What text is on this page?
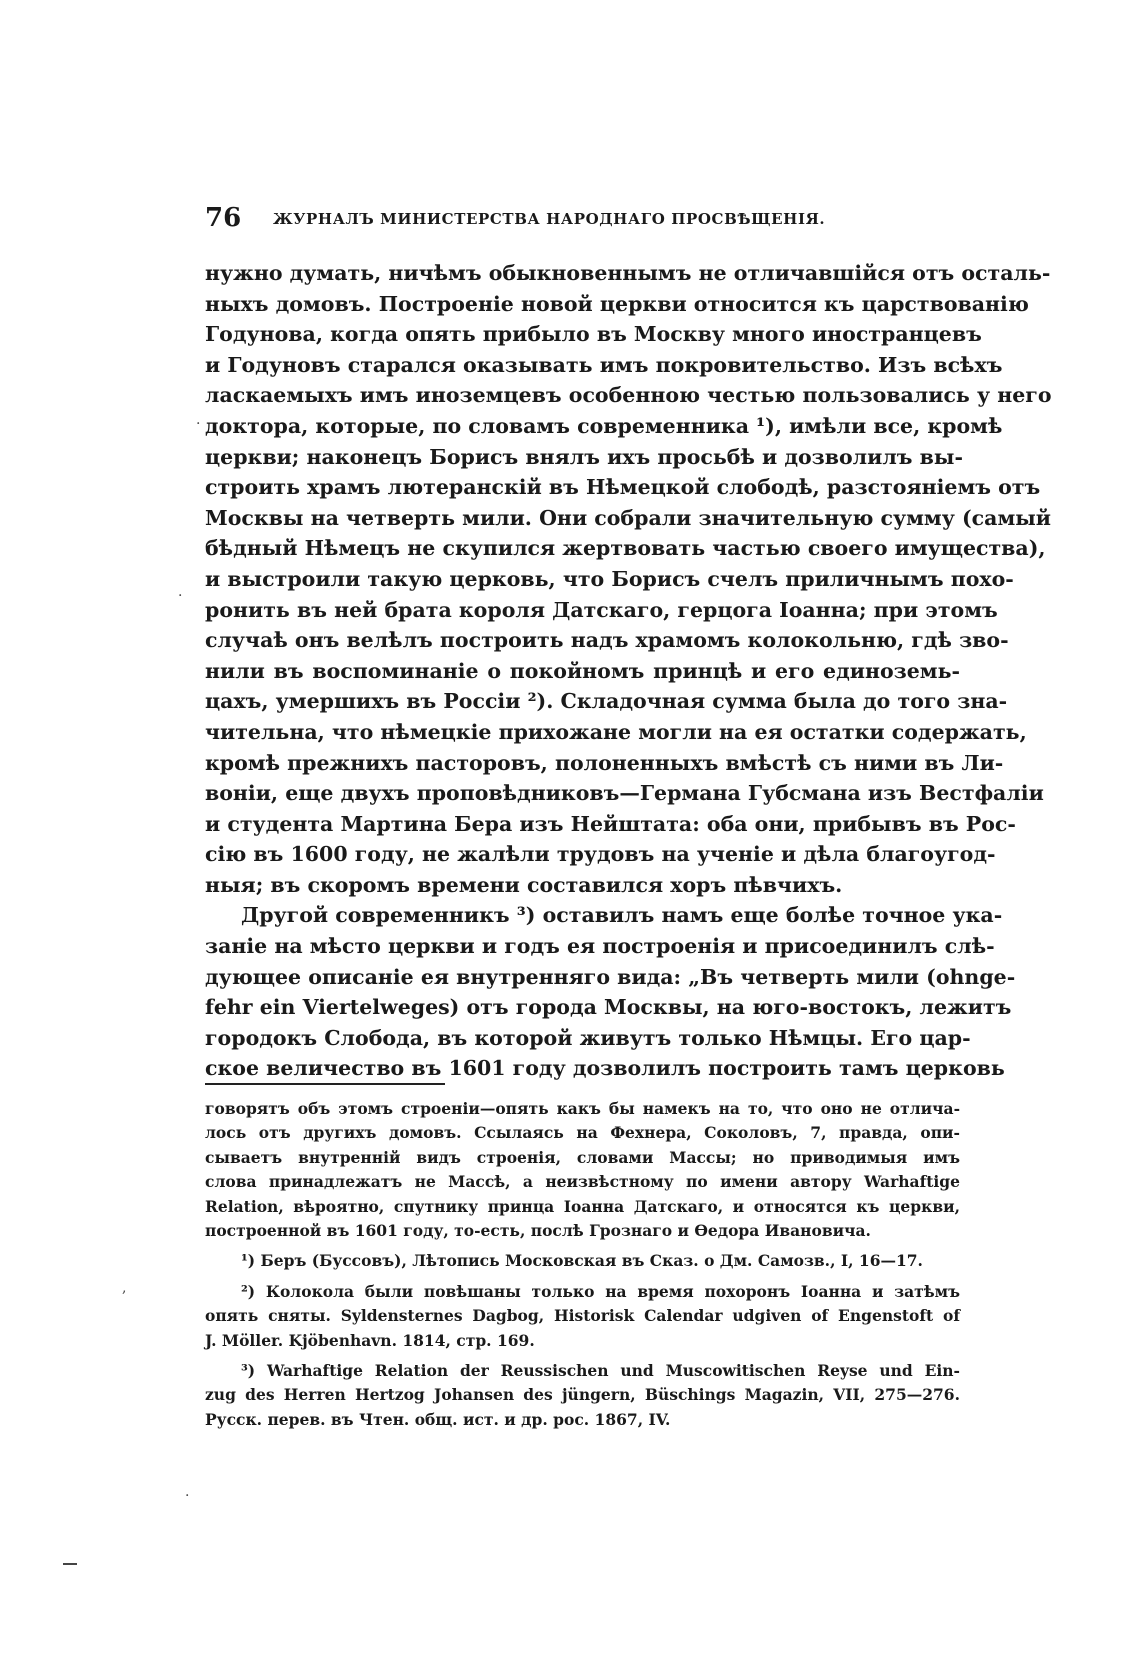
76 ЖУРНАЛЪ МИНИСТЕРСТВА НАРОДНАГО ПРОСВѢЩЕНІЯ.
нужно думать, ничѣмъ обыкновеннымъ не отличавшійся отъ осталь-
ныхъ домовъ. Построеніе новой церкви относится къ царствованію
Годунова, когда опять прибыло въ Москву много иностранцевъ
и Годуновъ старался оказывать имъ покровительство. Изъ всѣхъ
ласкаемыхъ имъ иноземцевъ особенною честью пользовались у него
доктора, которые, по словамъ современника ¹), имѣли все, кромѣ
церкви; наконецъ Борисъ внялъ ихъ просьбѣ и дозволилъ вы-
строить храмъ лютеранскій въ Нѣмецкой слободѣ, разстояніемъ отъ
Москвы на четверть мили. Они собрали значительную сумму (самый
бѣдный Нѣмецъ не скупился жертвовать частью своего имущества),
и выстроили такую церковь, что Борисъ счелъ приличнымъ похо-
ронить въ ней брата короля Датскаго, герцога Іоанна; при этомъ
случаѣ онъ велѣлъ построить надъ храмомъ колокольню, гдѣ зво-
нили въ воспоминаніе о покойномъ принцѣ и его единоземь-
цахъ, умершихъ въ Россіи ²). Складочная сумма была до того зна-
чительна, что нѣмецкіе прихожане могли на ея остатки содержать,
кромѣ прежнихъ пасторовъ, полоненныхъ вмѣстѣ съ ними въ Ли-
воніи, еще двухъ проповѣдниковъ—Германа Губсмана изъ Вестфаліи
и студента Мартина Бера изъ Нейштата: оба они, прибывъ въ Рос-
сію въ 1600 году, не жалѣли трудовъ на ученіе и дѣла благоугод-
ныя; въ скоромъ времени составился хоръ пѣвчихъ.
Другой современникъ ³) оставилъ намъ еще болѣе точное ука-
заніе на мѣсто церкви и годъ ея построенія и присоединилъ слѣ-
дующее описаніе ея внутренняго вида: „Въ четверть мили (ohnge-
fehr ein Viertelweges) отъ города Москвы, на юго-востокъ, лежитъ
городокъ Слобода, въ которой живутъ только Нѣмцы. Его цар-
ское величество въ 1601 году дозволилъ построить тамъ церковь
говорятъ объ этомъ строеніи—опять какъ бы намекъ на то, что оно не отлича-
лось отъ другихъ домовъ. Ссылаясь на Фехнера, Соколовъ, 7, правда, опи-
сываетъ внутренній видъ строенія, словами Массы; но приводимыя имъ
слова принадлежатъ не Массѣ, а неизвѣстному по имени автору Warhaftige
Relation, вѣроятно, спутнику принца Іоанна Датскаго, и относятся къ церкви,
построенной въ 1601 году, то-есть, послѣ Грознаго и Ѳедора Ивановича.
¹) Беръ (Буссовъ), Лѣтопись Московская въ Сказ. о Дм. Самозв., I, 16—17.
²) Колокола были повѣшаны только на время похоронъ Іоанна и затѣмъ
опять сняты. Syldensternes Dagbog, Historisk Calendar udgiven of Engenstoft of
J. Möller. Kjöbenhavn. 1814, стр. 169.
³) Warhaftige Relation der Reussischen und Muscowitischen Reyse und Ein-
zug des Herren Hertzog Johansen des jüngern, Büschings Magazin, VII, 275—276.
Русск. перев. въ Чтен. общ. ист. и др. рос. 1867, IV.
.
·
,
·
